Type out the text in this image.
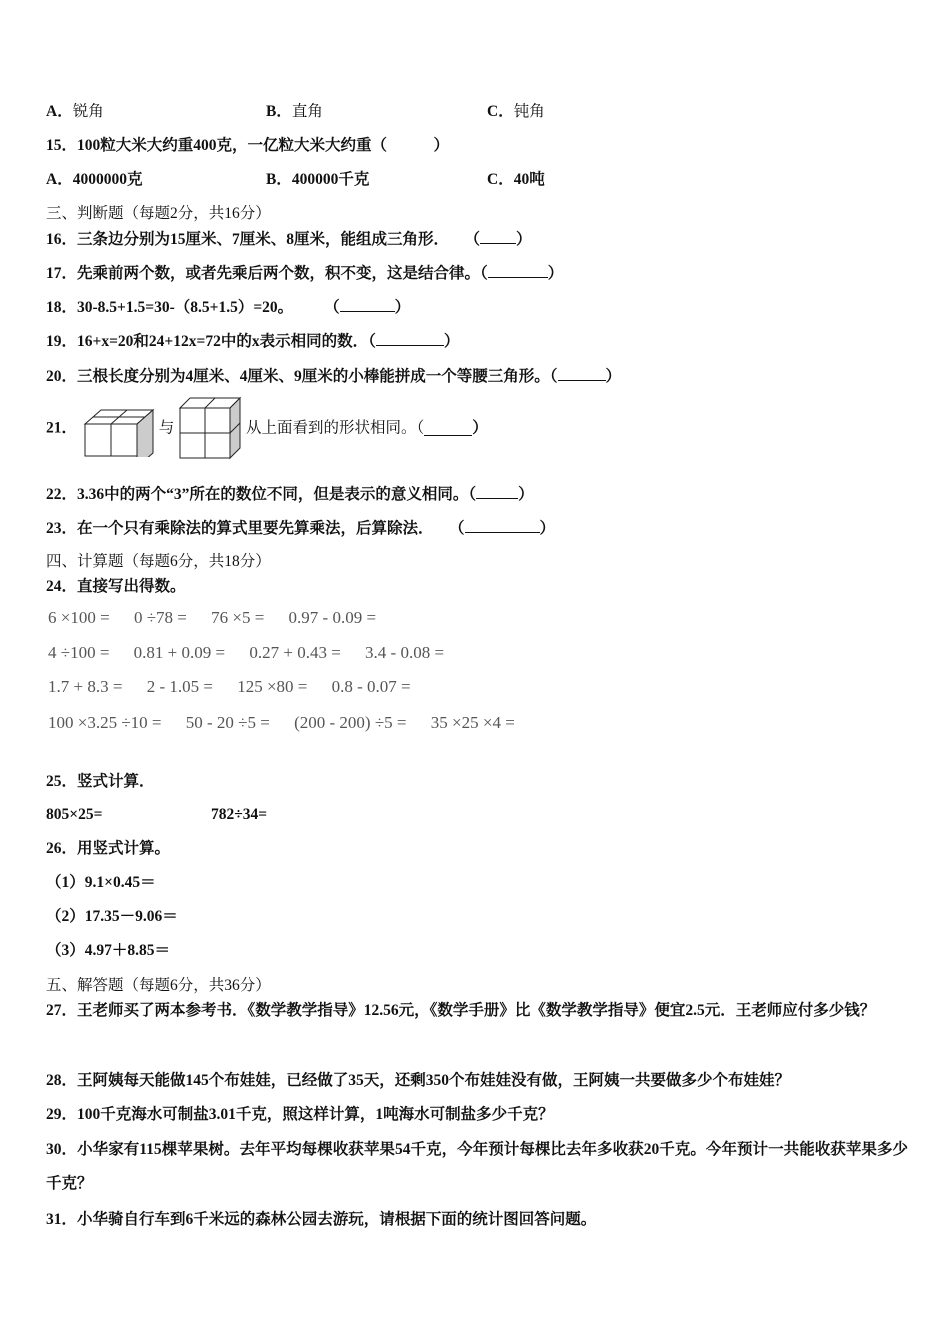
A．锐角	B．直角	C．钝角
15．100粒大米大约重400克，一亿粒大米大约重（　　　）
A．4000000克	B．400000千克	C．40吨
三、判断题（每题2分，共16分）
16．三条边分别为15厘米、7厘米、8厘米，能组成三角形．　　（ ）
17．先乘前两个数，或者先乘后两个数，积不变，这是结合律。（	）
18．30-8.5+1.5=30-（8.5+1.5）=20。　　　（	）
19．16+x=20和24+12x=72中的x表示相同的数．（	）
20．三根长度分别为4厘米、4厘米、9厘米的小棒能拼成一个等腰三角形。（	）
21．	与	从上面看到的形状相同。（	）
22．3.36中的两个“3”所在的数位不同，但是表示的意义相同。（	）
23．在一个只有乘除法的算式里要先算乘法，后算除法．　　（	）
四、计算题（每题6分，共18分）
24．直接写出得数。
6 ×100 = 0 ÷78 = 76 ×5 = 0.97 - 0.09 =
4 ÷100 = 0.81 + 0.09 = 0.27 + 0.43 = 3.4 - 0.08 =
1.7 + 8.3 = 2 - 1.05 = 125 ×80 = 0.8 - 0.07 =
100 ×3.25 ÷10 = 50 - 20 ÷5 = (200 - 200) ÷5 = 35 ×25 ×4 =
25．竖式计算．
805×25=	782÷34=
26．用竖式计算。
（1）9.1×0.45＝
（2）17.35－9.06＝
（3）4.97＋8.85＝
五、解答题（每题6分，共36分）
27．王老师买了两本参考书．《数学教学指导》12.56元，《数学手册》比《数学教学指导》便宜2.5元．王老师应付多少钱？
28．王阿姨每天能做145个布娃娃，已经做了35天，还剩350个布娃娃没有做，王阿姨一共要做多少个布娃娃？
29．100千克海水可制盐3.01千克，照这样计算，1吨海水可制盐多少千克？
30．小华家有115棵苹果树。去年平均每棵收获苹果54千克，今年预计每棵比去年多收获20千克。今年预计一共能收获苹果多少千克？
31．小华骑自行车到6千米远的森林公园去游玩，请根据下面的统计图回答问题。
